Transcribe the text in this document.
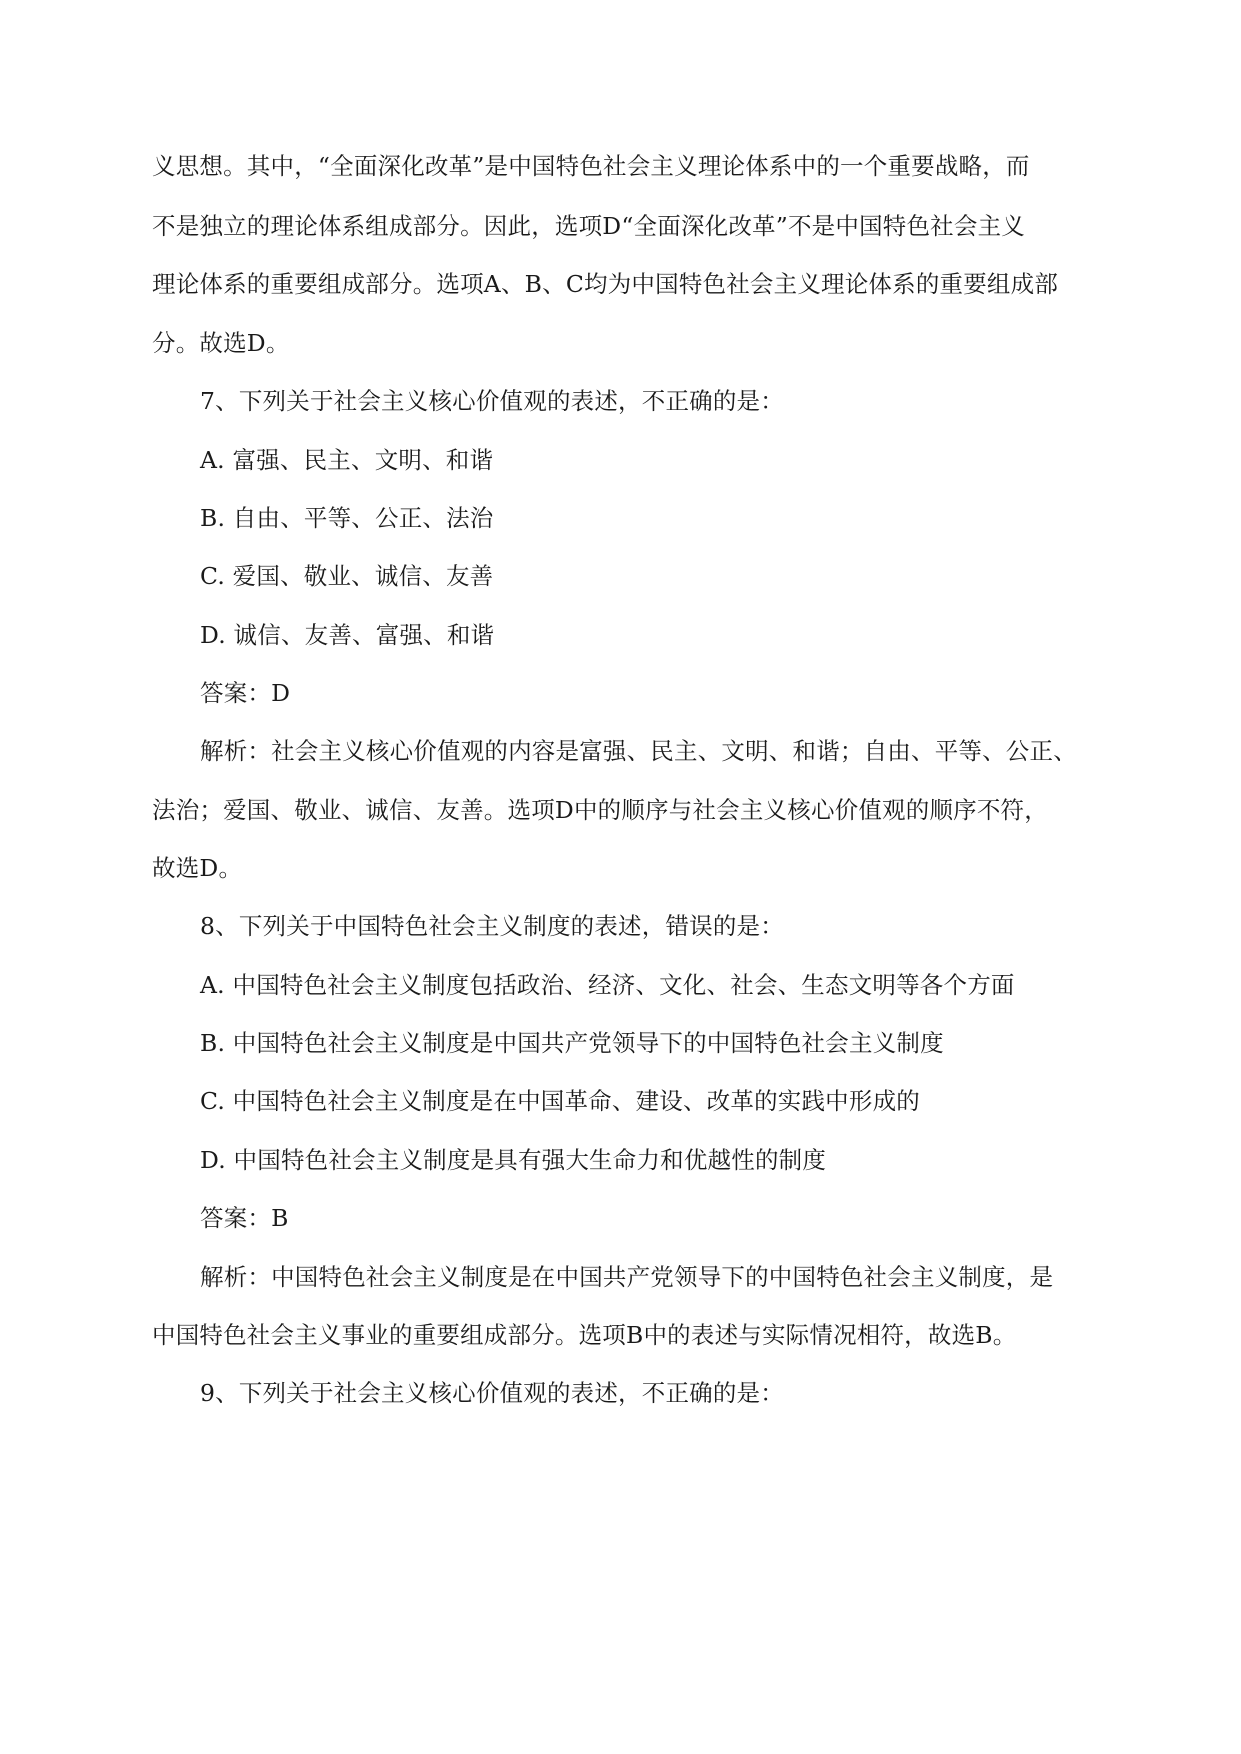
义思想。其中，“全面深化改革”是中国特色社会主义理论体系中的一个重要战略，而

不是独立的理论体系组成部分。因此，选项D“全面深化改革”不是中国特色社会主义

理论体系的重要组成部分。选项A、B、C均为中国特色社会主义理论体系的重要组成部

分。故选D。

7、下列关于社会主义核心价值观的表述，不正确的是：

A. 富强、民主、文明、和谐

B. 自由、平等、公正、法治

C. 爱国、敬业、诚信、友善

D. 诚信、友善、富强、和谐

答案：D

解析：社会主义核心价值观的内容是富强、民主、文明、和谐；自由、平等、公正、

法治；爱国、敬业、诚信、友善。选项D中的顺序与社会主义核心价值观的顺序不符，

故选D。

8、下列关于中国特色社会主义制度的表述，错误的是：

A. 中国特色社会主义制度包括政治、经济、文化、社会、生态文明等各个方面

B. 中国特色社会主义制度是中国共产党领导下的中国特色社会主义制度

C. 中国特色社会主义制度是在中国革命、建设、改革的实践中形成的

D. 中国特色社会主义制度是具有强大生命力和优越性的制度

答案：B

解析：中国特色社会主义制度是在中国共产党领导下的中国特色社会主义制度，是

中国特色社会主义事业的重要组成部分。选项B中的表述与实际情况相符，故选B。

9、下列关于社会主义核心价值观的表述，不正确的是：
